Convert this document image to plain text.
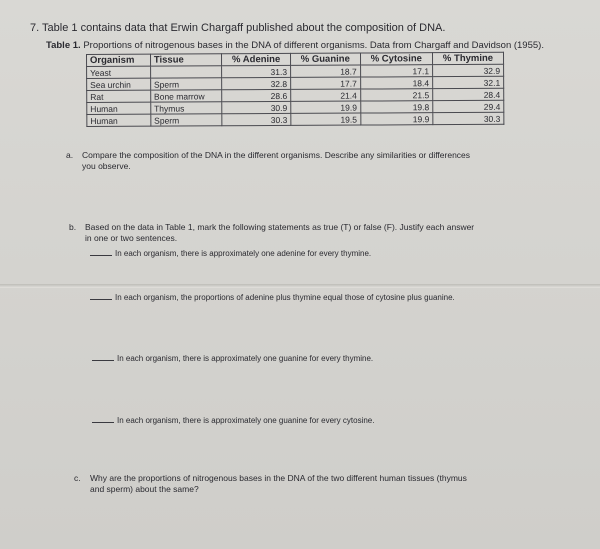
7. Table 1 contains data that Erwin Chargaff published about the composition of DNA.
Table 1. Proportions of nitrogenous bases in the DNA of different organisms. Data from Chargaff and Davidson (1955).
Organism	Tissue	% Adenine	% Guanine	% Cytosine	% Thymine
Yeast		31.3	18.7	17.1	32.9
Sea urchin	Sperm	32.8	17.7	18.4	32.1
Rat	Bone marrow	28.6	21.4	21.5	28.4
Human	Thymus	30.9	19.9	19.8	29.4
Human	Sperm	30.3	19.5	19.9	30.3
a. Compare the composition of the DNA in the different organisms. Describe any similarities or differences
you observe.
b. Based on the data in Table 1, mark the following statements as true (T) or false (F). Justify each answer
in one or two sentences.
In each organism, there is approximately one adenine for every thymine.
In each organism, the proportions of adenine plus thymine equal those of cytosine plus guanine.
In each organism, there is approximately one guanine for every thymine.
In each organism, there is approximately one guanine for every cytosine.
c. Why are the proportions of nitrogenous bases in the DNA of the two different human tissues (thymus
and sperm) about the same?
